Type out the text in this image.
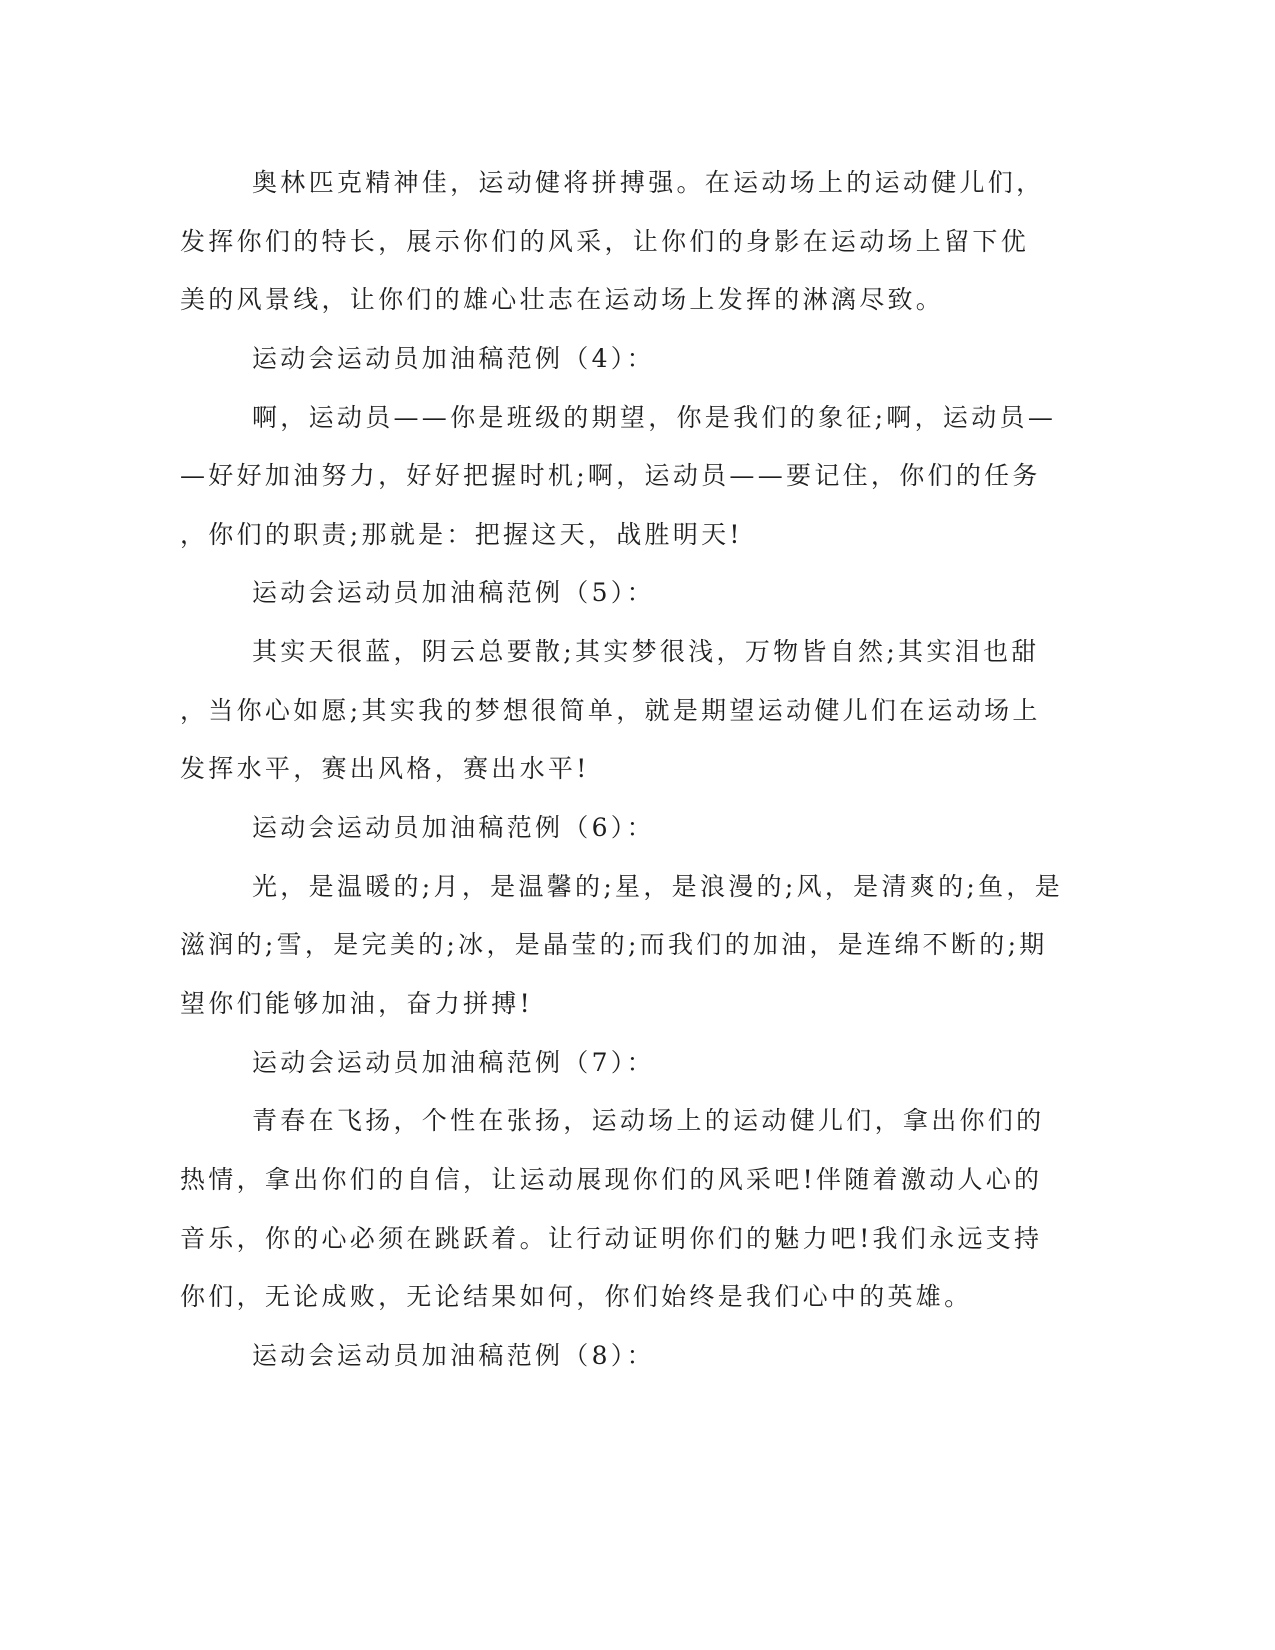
奥林匹克精神佳，运动健将拼搏强。在运动场上的运动健儿们，
发挥你们的特长，展示你们的风采，让你们的身影在运动场上留下优
美的风景线，让你们的雄心壮志在运动场上发挥的淋漓尽致。
运动会运动员加油稿范例（4）：
啊，运动员——你是班级的期望，你是我们的象征;啊，运动员—
—好好加油努力，好好把握时机;啊，运动员——要记住，你们的任务
，你们的职责;那就是：把握这天，战胜明天!
运动会运动员加油稿范例（5）：
其实天很蓝，阴云总要散;其实梦很浅，万物皆自然;其实泪也甜
，当你心如愿;其实我的梦想很简单，就是期望运动健儿们在运动场上
发挥水平，赛出风格，赛出水平!
运动会运动员加油稿范例（6）：
光，是温暖的;月，是温馨的;星，是浪漫的;风，是清爽的;鱼，是
滋润的;雪，是完美的;冰，是晶莹的;而我们的加油，是连绵不断的;期
望你们能够加油，奋力拼搏!
运动会运动员加油稿范例（7）：
青春在飞扬，个性在张扬，运动场上的运动健儿们，拿出你们的
热情，拿出你们的自信，让运动展现你们的风采吧!伴随着激动人心的
音乐，你的心必须在跳跃着。让行动证明你们的魅力吧!我们永远支持
你们，无论成败，无论结果如何，你们始终是我们心中的英雄。
运动会运动员加油稿范例（8）：
